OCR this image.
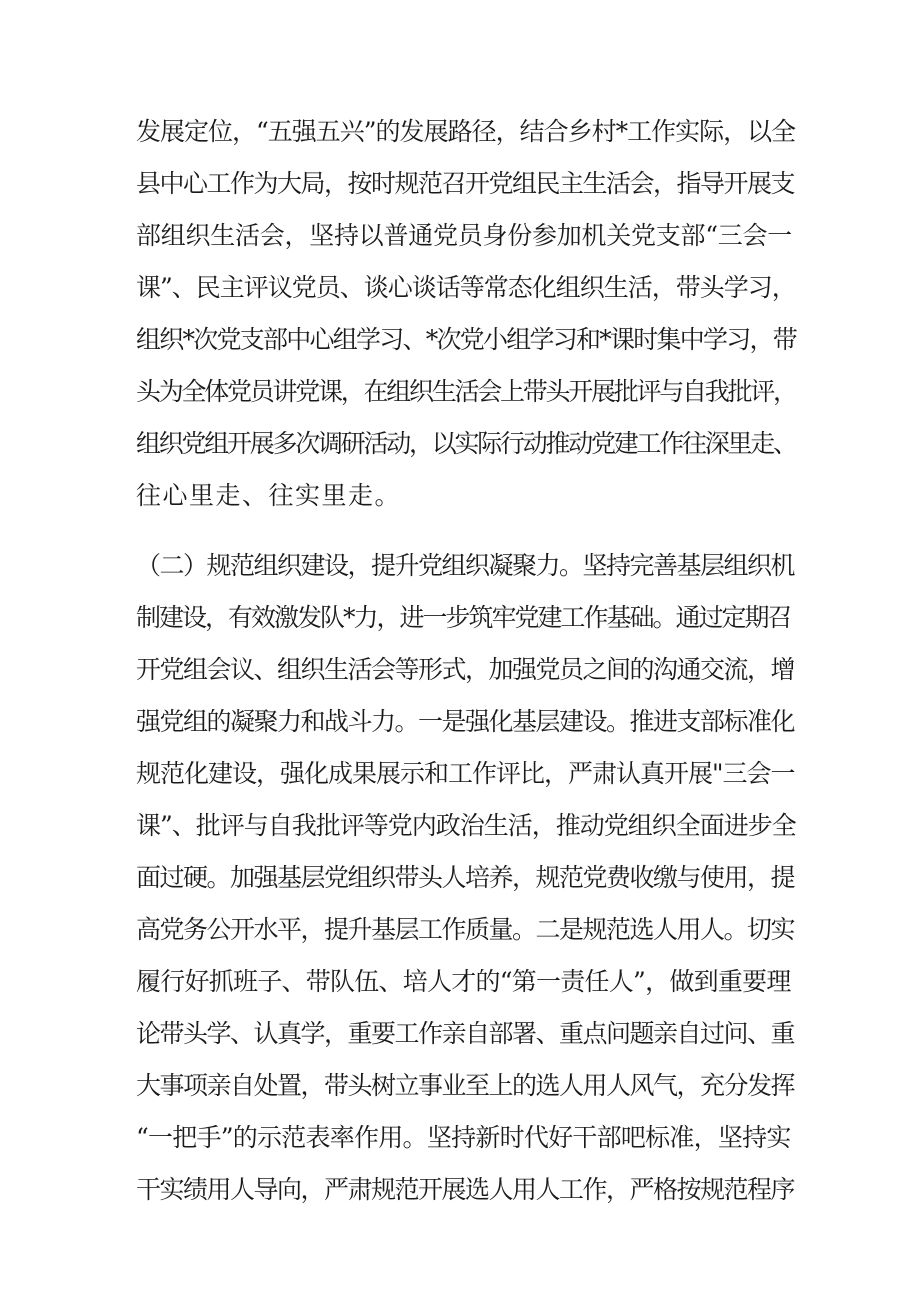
发展定位，“五强五兴”的发展路径，结合乡村*工作实际，以全
县中心工作为大局，按时规范召开党组民主生活会，指导开展支
部组织生活会，坚持以普通党员身份参加机关党支部“三会一
课”、民主评议党员、谈心谈话等常态化组织生活，带头学习，
组织*次党支部中心组学习、*次党小组学习和*课时集中学习，带
头为全体党员讲党课，在组织生活会上带头开展批评与自我批评，
组织党组开展多次调研活动，以实际行动推动党建工作往深里走、
往心里走、往实里走。
（二）规范组织建设，提升党组织凝聚力。坚持完善基层组织机
制建设，有效激发队*力，进一步筑牢党建工作基础。通过定期召
开党组会议、组织生活会等形式，加强党员之间的沟通交流，增
强党组的凝聚力和战斗力。一是强化基层建设。推进支部标准化
规范化建设，强化成果展示和工作评比，严肃认真开展"三会一
课”、批评与自我批评等党内政治生活，推动党组织全面进步全
面过硬。加强基层党组织带头人培养，规范党费收缴与使用，提
高党务公开水平，提升基层工作质量。二是规范选人用人。切实
履行好抓班子、带队伍、培人才的“第一责任人”，做到重要理
论带头学、认真学，重要工作亲自部署、重点问题亲自过问、重
大事项亲自处置，带头树立事业至上的选人用人风气，充分发挥
“一把手”的示范表率作用。坚持新时代好干部吧标准，坚持实
干实绩用人导向，严肃规范开展选人用人工作，严格按规范程序
